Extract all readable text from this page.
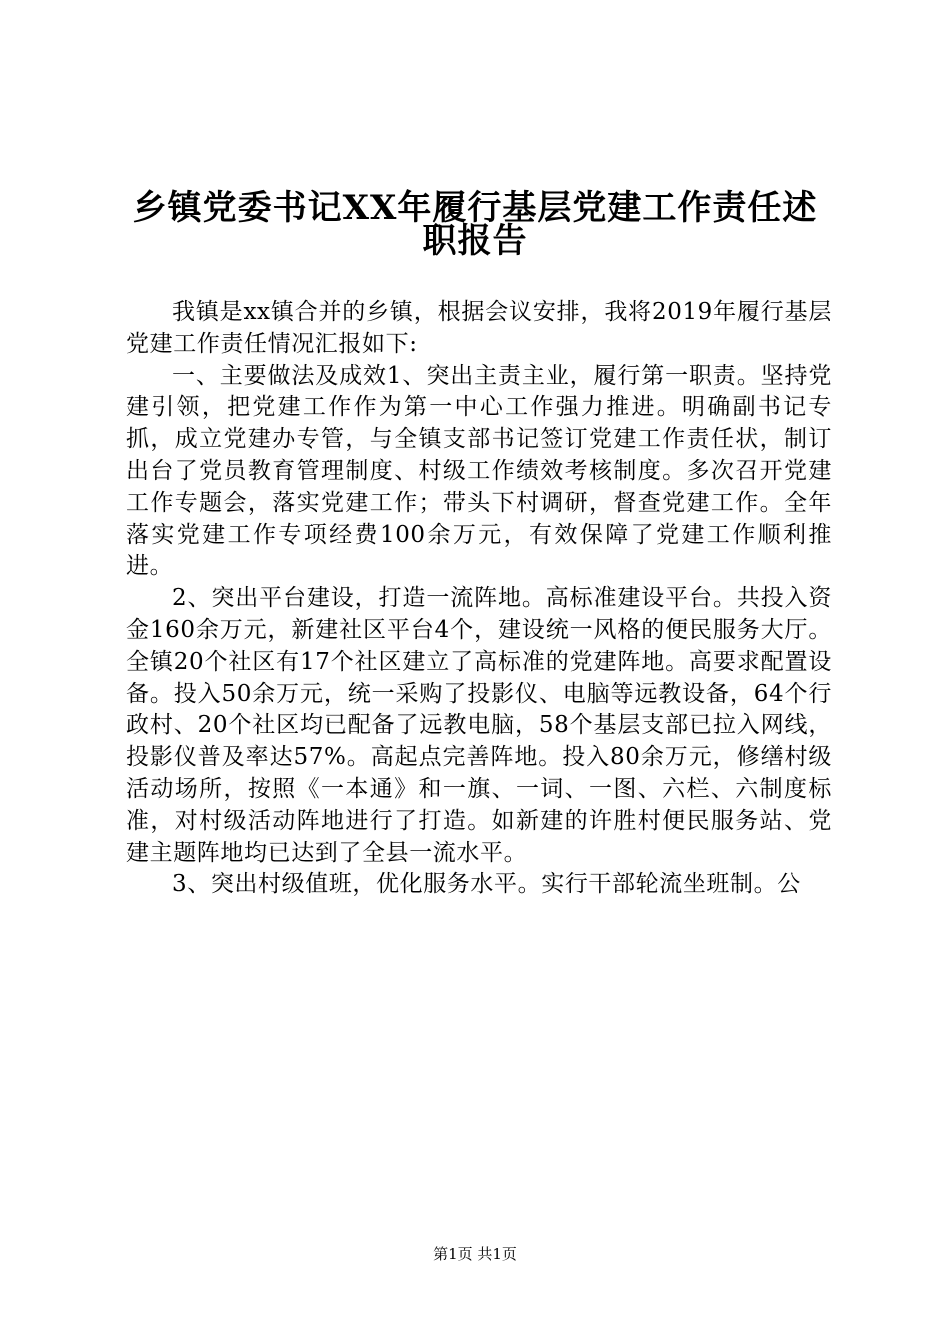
乡镇党委书记XX年履行基层党建工作责任述
职报告

我镇是xx镇合并的乡镇，根据会议安排，我将2019年履行基层党建工作责任情况汇报如下:

一、主要做法及成效1、突出主责主业，履行第一职责。坚持党建引领，把党建工作作为第一中心工作强力推进。明确副书记专抓，成立党建办专管，与全镇支部书记签订党建工作责任状，制订出台了党员教育管理制度、村级工作绩效考核制度。多次召开党建工作专题会，落实党建工作；带头下村调研，督查党建工作。全年落实党建工作专项经费100余万元，有效保障了党建工作顺利推进。

2、突出平台建设，打造一流阵地。高标准建设平台。共投入资金160余万元，新建社区平台4个，建设统一风格的便民服务大厅。全镇20个社区有17个社区建立了高标准的党建阵地。高要求配置设备。投入50余万元，统一采购了投影仪、电脑等远教设备，64个行政村、20个社区均已配备了远教电脑，58个基层支部已拉入网线，投影仪普及率达57%。高起点完善阵地。投入80余万元，修缮村级活动场所，按照《一本通》和一旗、一词、一图、六栏、六制度标准，对村级活动阵地进行了打造。如新建的许胜村便民服务站、党建主题阵地均已达到了全县一流水平。

3、突出村级值班，优化服务水平。实行干部轮流坐班制。公

第1页 共1页
